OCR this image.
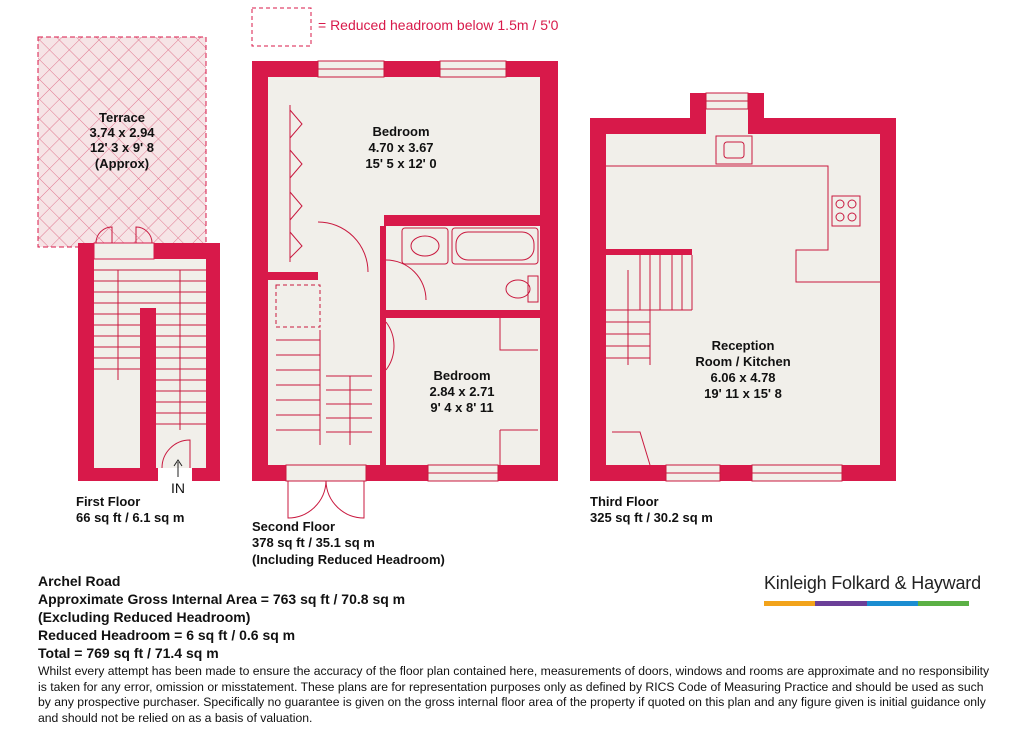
= Reduced headroom below 1.5m / 5'0
IN
Terrace
3.74 x 2.94
12' 3 x 9' 8
(Approx)
Bedroom
4.70 x 3.67
15' 5 x 12' 0
Bedroom
2.84 x 2.71
9' 4 x 8' 11
Reception
Room / Kitchen
6.06 x 4.78
19' 11 x 15' 8
First Floor
66 sq ft / 6.1 sq m
Second Floor
378 sq ft / 35.1 sq m
(Including Reduced Headroom)
Third Floor
325 sq ft / 30.2 sq m
Archel Road
Approximate Gross Internal Area = 763 sq ft / 70.8 sq m
(Excluding Reduced Headroom)
Reduced Headroom = 6 sq ft / 0.6 sq m
Total = 769 sq ft / 71.4 sq m
Whilst every attempt has been made to ensure the accuracy of the floor plan contained here, measurements of doors, windows and rooms are approximate and no responsibility is taken for any error, omission or misstatement. These plans are for representation purposes only as defined by RICS Code of Measuring Practice and should be used as such by any prospective purchaser. Specifically no guarantee is given on the gross internal floor area of the property if quoted on this plan and any figure given is initial guidance only and should not be relied on as a basis of valuation.
Kinleigh Folkard & Hayward
